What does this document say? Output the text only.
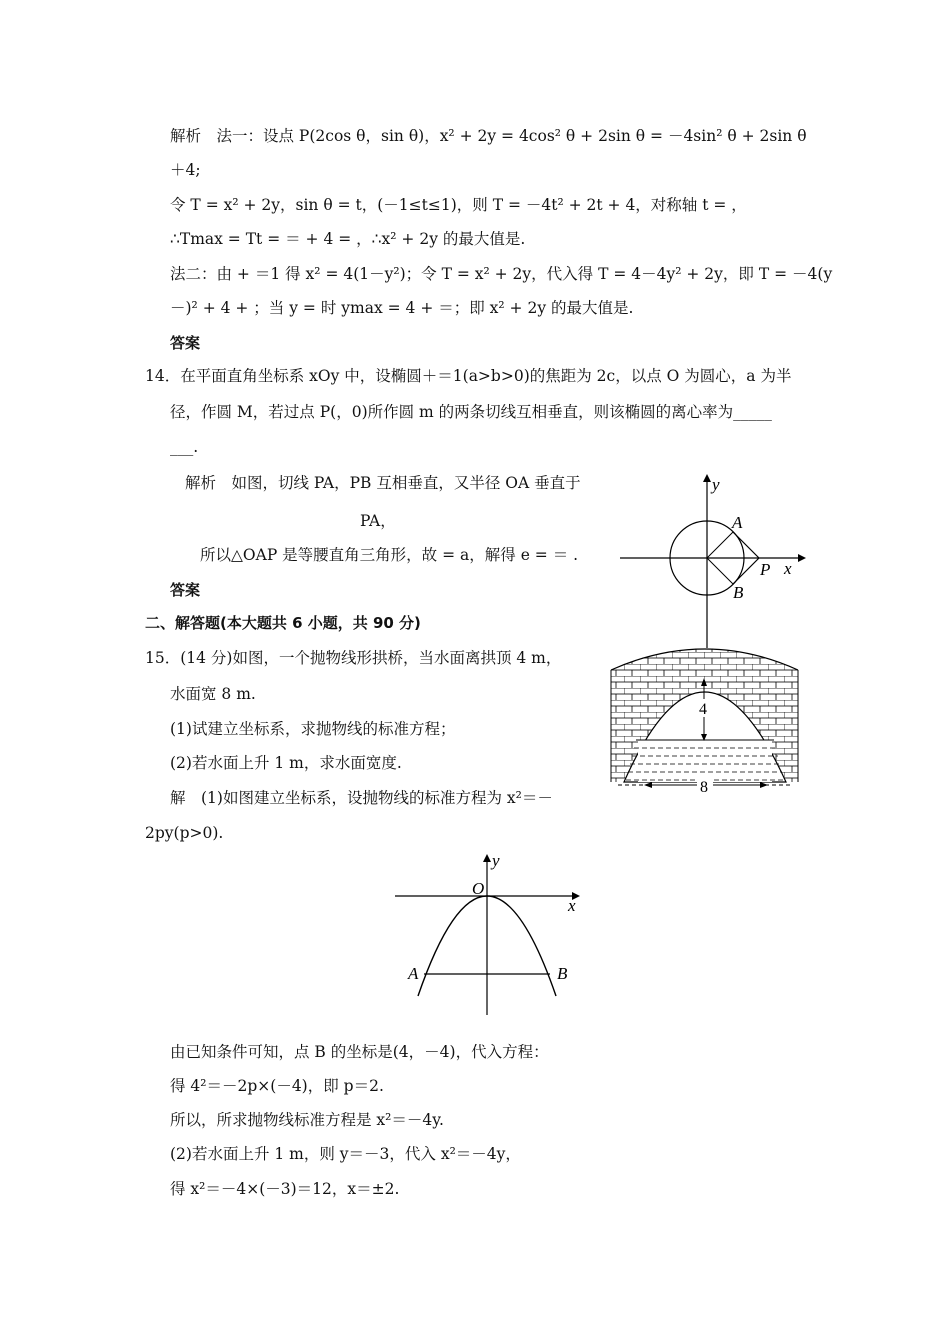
解析　法一：设点 P(2cos θ，sin θ)，x² + 2y = 4cos² θ + 2sin θ = －4sin² θ + 2sin θ
＋4;
令 T = x² + 2y，sin θ = t，(－1≤t≤1)，则 T = －4t² + 2t + 4，对称轴 t = ，
∴Tmax = Tt = ＝ + 4 = ，∴x² + 2y 的最大值是.
法二：由 + ＝1 得 x² = 4(1－y²)；令 T = x² + 2y，代入得 T = 4－4y² + 2y，即 T = －4(y
－)² + 4 + ；当 y = 时 ymax = 4 + ＝；即 x² + 2y 的最大值是.
答案
14．在平面直角坐标系 xOy 中，设椭圆＋＝1(a>b>0)的焦距为 2c，以点 O 为圆心，a 为半
径，作圆 M，若过点 P(，0)所作圆 m 的两条切线互相垂直，则该椭圆的离心率为_____
___.
解析　如图，切线 PA，PB 互相垂直，又半径 OA 垂直于
PA，
所以△OAP 是等腰直角三角形，故 = a，解得 e = ＝ .
答案
二、解答题(本大题共 6 小题，共 90 分)
15．(14 分)如图，一个抛物线形拱桥，当水面离拱顶 4 m，
水面宽 8 m.
(1)试建立坐标系，求抛物线的标准方程；
(2)若水面上升 1 m，求水面宽度.
解　(1)如图建立坐标系，设抛物线的标准方程为 x²＝－
2py(p>0).
由已知条件可知，点 B 的坐标是(4，－4)，代入方程：
得 4²＝－2p×(－4)，即 p＝2.
所以，所求抛物线标准方程是 x²＝－4y.
(2)若水面上升 1 m，则 y＝－3，代入 x²＝－4y，
得 x²＝－4×(－3)＝12，x＝±2.
y
x
A
B
P
4
8
y
x
O
A	B
